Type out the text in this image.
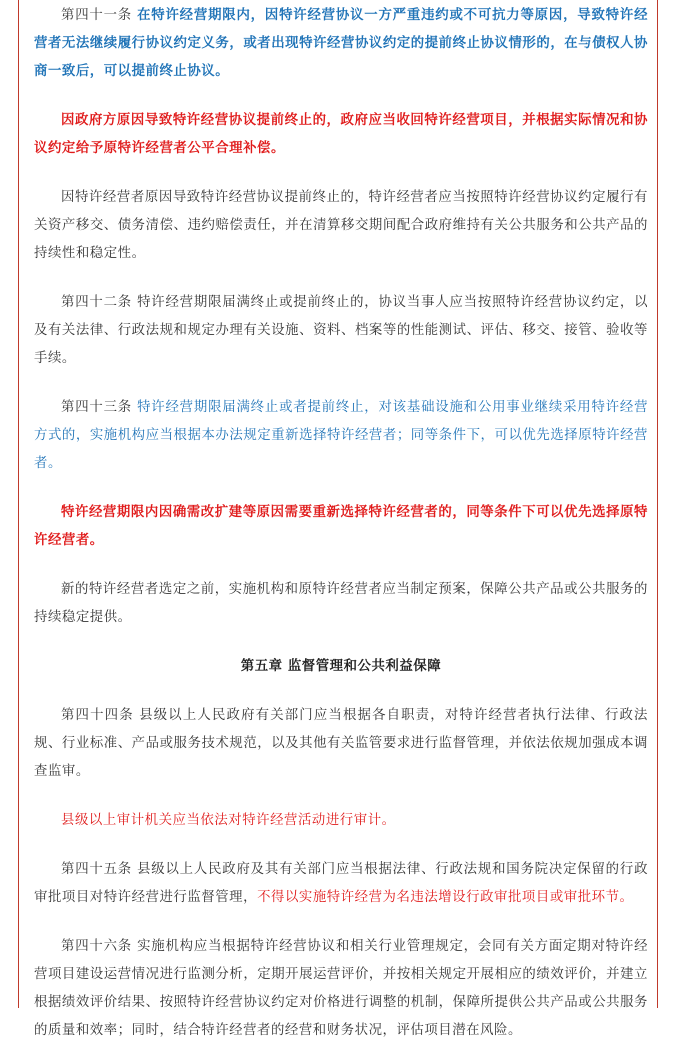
第四十一条 在特许经营期限内，因特许经营协议一方严重违约或不可抗力等原因，导致特许经营者无法继续履行协议约定义务，或者出现特许经营协议约定的提前终止协议情形的，在与债权人协商一致后，可以提前终止协议。

因政府方原因导致特许经营协议提前终止的，政府应当收回特许经营项目，并根据实际情况和协议约定给予原特许经营者公平合理补偿。

因特许经营者原因导致特许经营协议提前终止的，特许经营者应当按照特许经营协议约定履行有关资产移交、债务清偿、违约赔偿责任，并在清算移交期间配合政府维持有关公共服务和公共产品的持续性和稳定性。

第四十二条 特许经营期限届满终止或提前终止的，协议当事人应当按照特许经营协议约定，以及有关法律、行政法规和规定办理有关设施、资料、档案等的性能测试、评估、移交、接管、验收等手续。

第四十三条 特许经营期限届满终止或者提前终止，对该基础设施和公用事业继续采用特许经营方式的，实施机构应当根据本办法规定重新选择特许经营者；同等条件下，可以优先选择原特许经营者。

特许经营期限内因确需改扩建等原因需要重新选择特许经营者的，同等条件下可以优先选择原特许经营者。

新的特许经营者选定之前，实施机构和原特许经营者应当制定预案，保障公共产品或公共服务的持续稳定提供。

第五章 监督管理和公共利益保障

第四十四条 县级以上人民政府有关部门应当根据各自职责，对特许经营者执行法律、行政法规、行业标准、产品或服务技术规范，以及其他有关监管要求进行监督管理，并依法依规加强成本调查监审。

县级以上审计机关应当依法对特许经营活动进行审计。

第四十五条 县级以上人民政府及其有关部门应当根据法律、行政法规和国务院决定保留的行政审批项目对特许经营进行监督管理，不得以实施特许经营为名违法增设行政审批项目或审批环节。

第四十六条 实施机构应当根据特许经营协议和相关行业管理规定，会同有关方面定期对特许经营项目建设运营情况进行监测分析，定期开展运营评价，并按相关规定开展相应的绩效评价，并建立根据绩效评价结果、按照特许经营协议约定对价格进行调整的机制，保障所提供公共产品或公共服务的质量和效率；同时，结合特许经营者的经营和财务状况，评估项目潜在风险。
